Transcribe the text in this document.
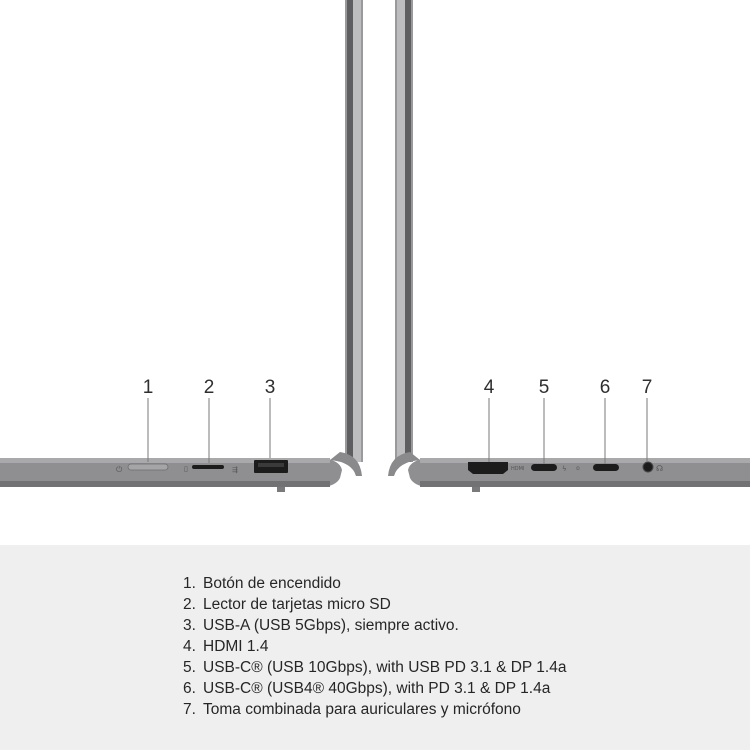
⏻	▯	⇶	HDMI	ϟ ⏲	☊
1	2	3	4	5	6	7
1. Botón de encendido
2. Lector de tarjetas micro SD
3. USB-A (USB 5Gbps), siempre activo.
4. HDMI 1.4
5. USB-C® (USB 10Gbps), with USB PD 3.1 & DP 1.4a
6. USB-C® (USB4® 40Gbps), with PD 3.1 & DP 1.4a
7. Toma combinada para auriculares y micrófono
